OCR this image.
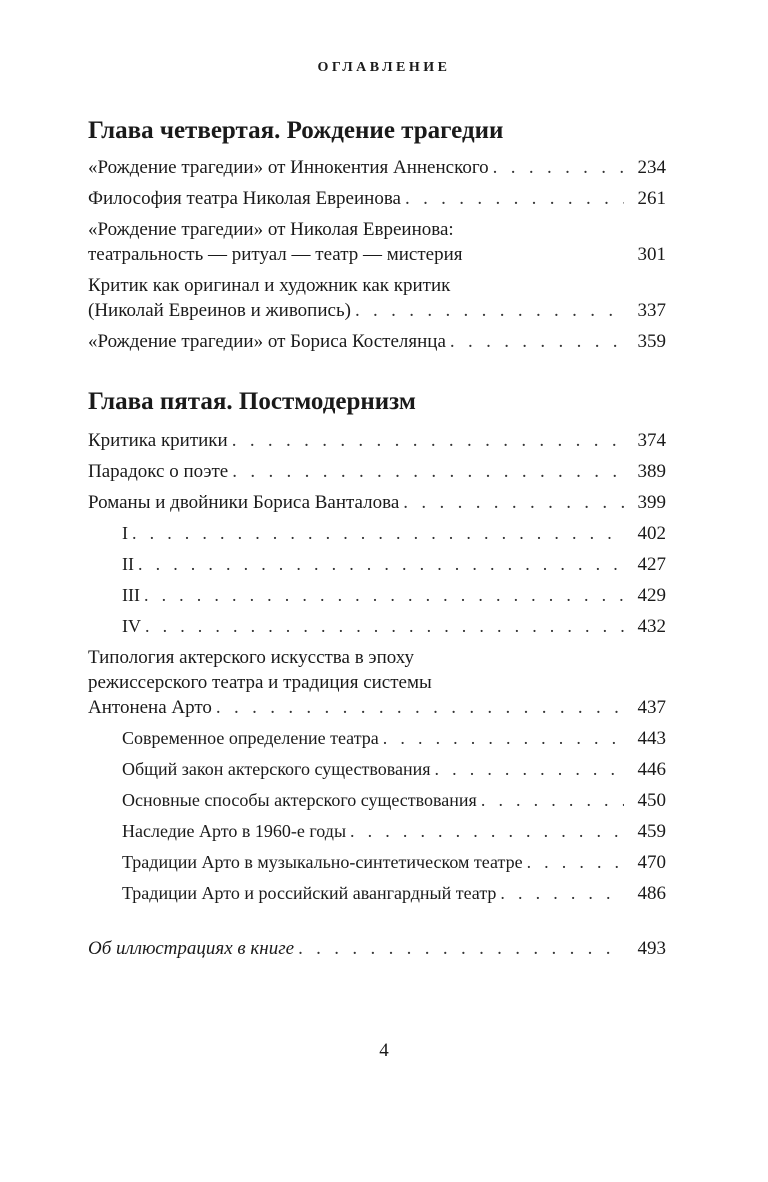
ОГЛАВЛЕНИЕ
Глава четвертая. Рождение трагедии
«Рождение трагедии» от Иннокентия Анненского . . .	234
Философия театра Николая Евреинова . . .	261
«Рождение трагедии» от Николая Евреинова:
театральность — ритуал — театр — мистерия	301
Критик как оригинал и художник как критик
(Николай Евреинов и живопись) . . .	337
«Рождение трагедии» от Бориса Костелянца . . .	359
Глава пятая. Постмодернизм
Критика критики . . .	374
Парадокс о поэте . . .	389
Романы и двойники Бориса Ванталова . . .	399
I . . .	402
II . . .	427
III . . .	429
IV . . .	432
Типология актерского искусства в эпоху
режиссерского театра и традиция системы
Антонена Арто . . .	437
Современное определение театра . . .	443
Общий закон актерского существования . . .	446
Основные способы актерского существования . . .	450
Наследие Арто в 1960-е годы . . .	459
Традиции Арто в музыкально-синтетическом театре . . .	470
Традиции Арто и российский авангардный театр . . .	486
Об иллюстрациях в книге . . .	493
4
